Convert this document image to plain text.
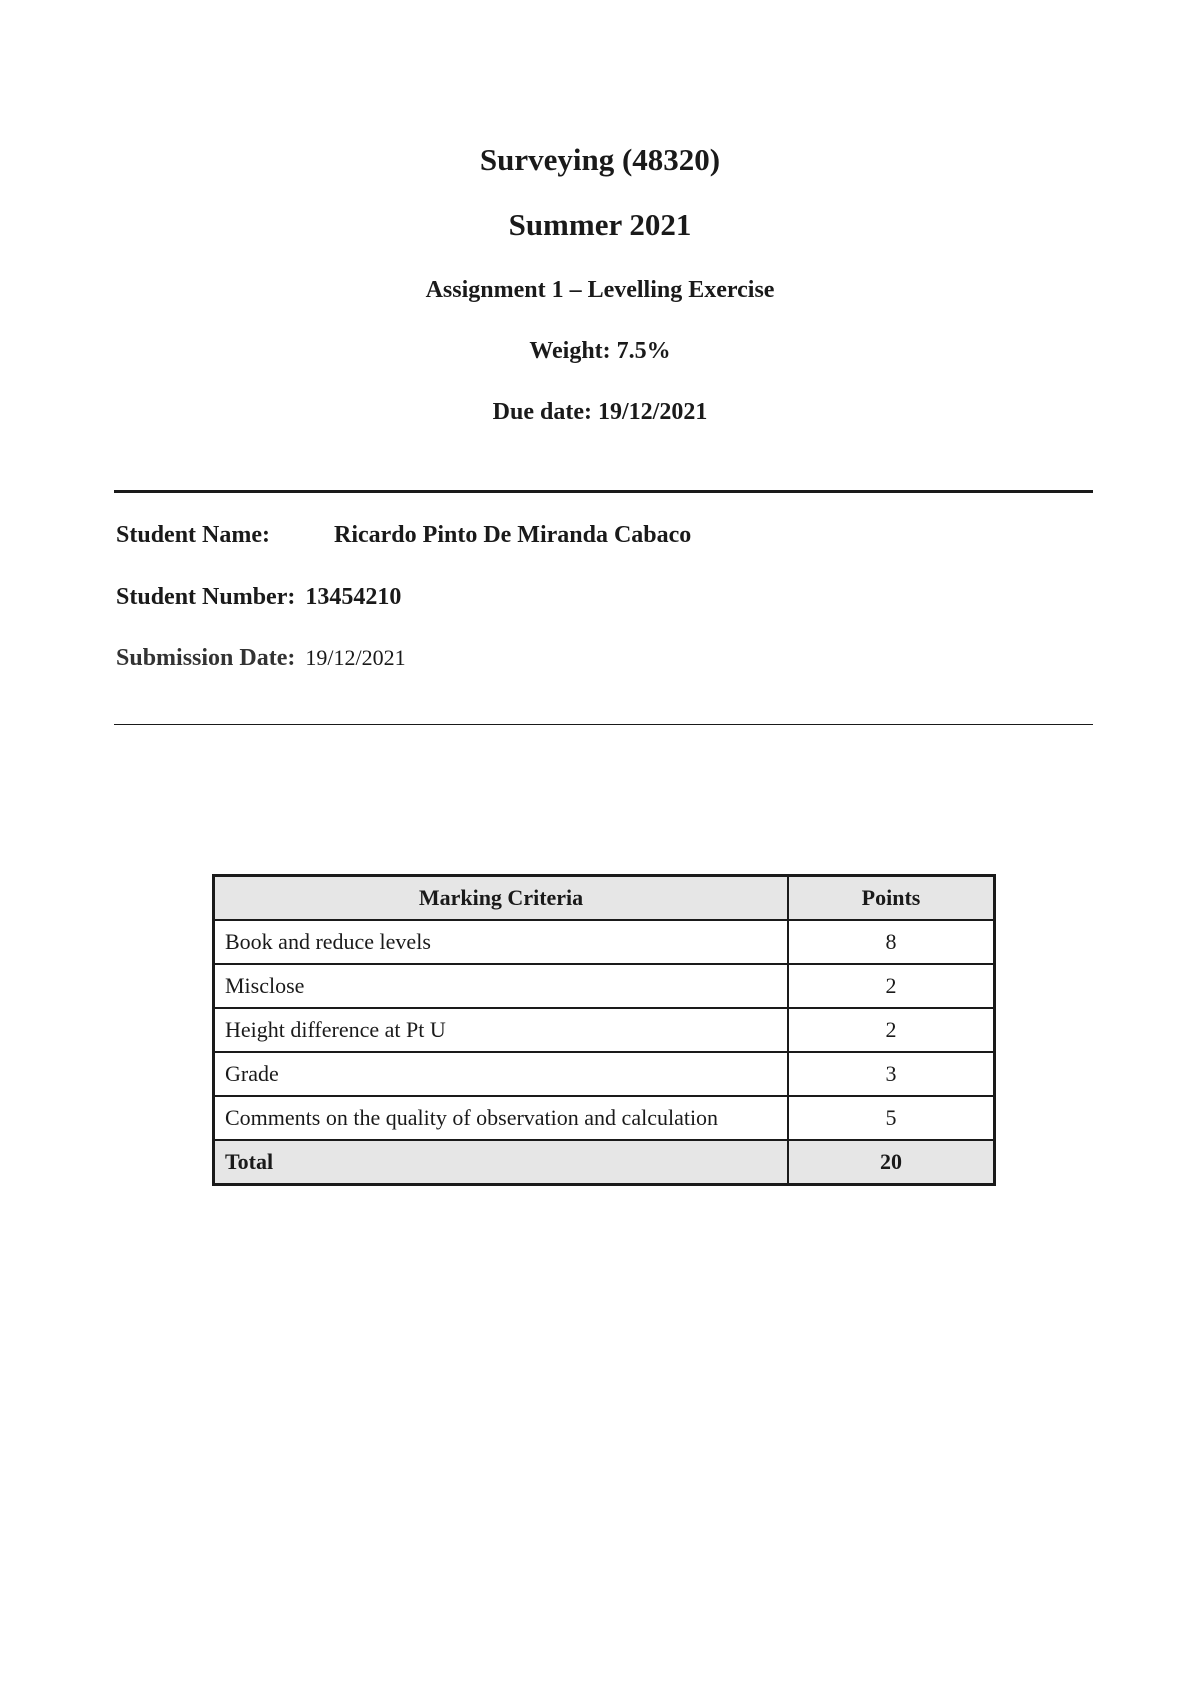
Surveying (48320)
Summer 2021
Assignment 1 – Levelling Exercise
Weight: 7.5%
Due date: 19/12/2021
Student Name:	Ricardo Pinto De Miranda Cabaco
Student Number: 13454210
Submission Date: 19/12/2021
Marking Criteria	Points
Book and reduce levels	8
Misclose	2
Height difference at Pt U	2
Grade	3
Comments on the quality of observation and calculation	5
Total	20
